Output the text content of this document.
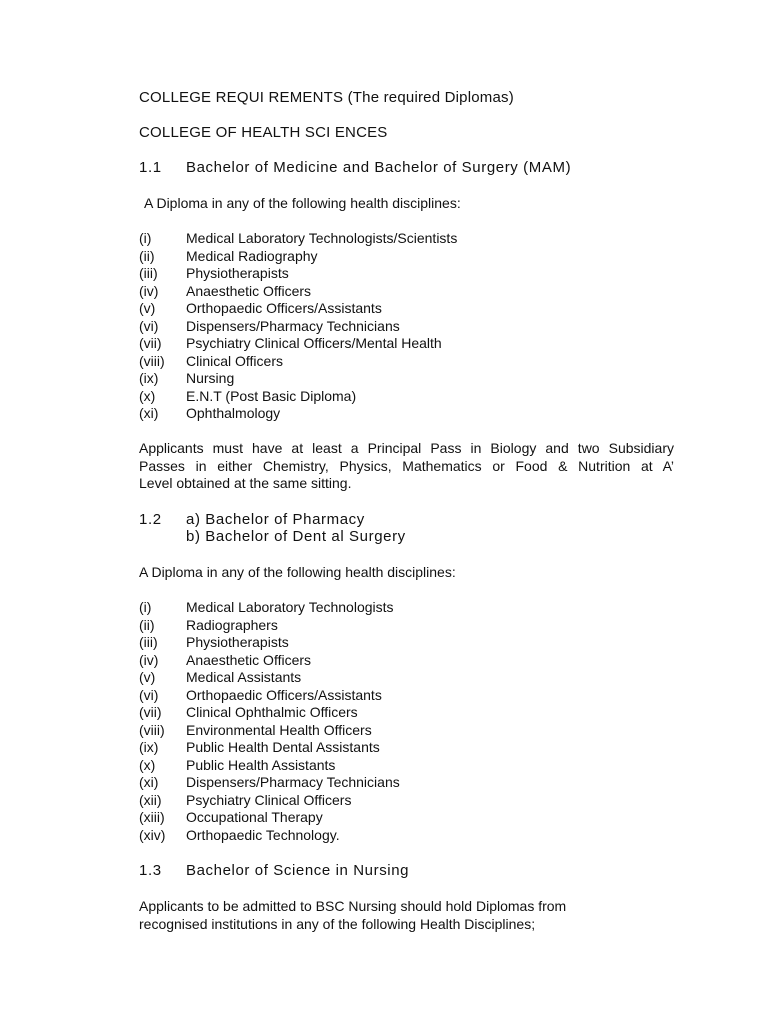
COLLEGE REQUI REMENTS (The required Diplomas)
COLLEGE OF HEALTH SCI ENCES
1.1 Bachelor of Medicine and Bachelor of Surgery (MAM)
A Diploma in any of the following health disciplines:
(i) Medical Laboratory Technologists/Scientists
(ii) Medical Radiography
(iii) Physiotherapists
(iv) Anaesthetic Officers
(v) Orthopaedic Officers/Assistants
(vi) Dispensers/Pharmacy Technicians
(vii) Psychiatry Clinical Officers/Mental Health
(viii) Clinical Officers
(ix) Nursing
(x) E.N.T (Post Basic Diploma)
(xi) Ophthalmology
Applicants must have at least a Principal Pass in Biology and two Subsidiary
Passes in either Chemistry, Physics, Mathematics or Food & Nutrition at A’
Level obtained at the same sitting.
1.2 a) Bachelor of Pharmacy
b) Bachelor of Dent al Surgery
A Diploma in any of the following health disciplines:
(i) Medical Laboratory Technologists
(ii) Radiographers
(iii) Physiotherapists
(iv) Anaesthetic Officers
(v) Medical Assistants
(vi) Orthopaedic Officers/Assistants
(vii) Clinical Ophthalmic Officers
(viii) Environmental Health Officers
(ix) Public Health Dental Assistants
(x) Public Health Assistants
(xi) Dispensers/Pharmacy Technicians
(xii) Psychiatry Clinical Officers
(xiii) Occupational Therapy
(xiv) Orthopaedic Technology.
1.3 Bachelor of Science in Nursing
Applicants to be admitted to BSC Nursing should hold Diplomas from
recognised institutions in any of the following Health Disciplines;
